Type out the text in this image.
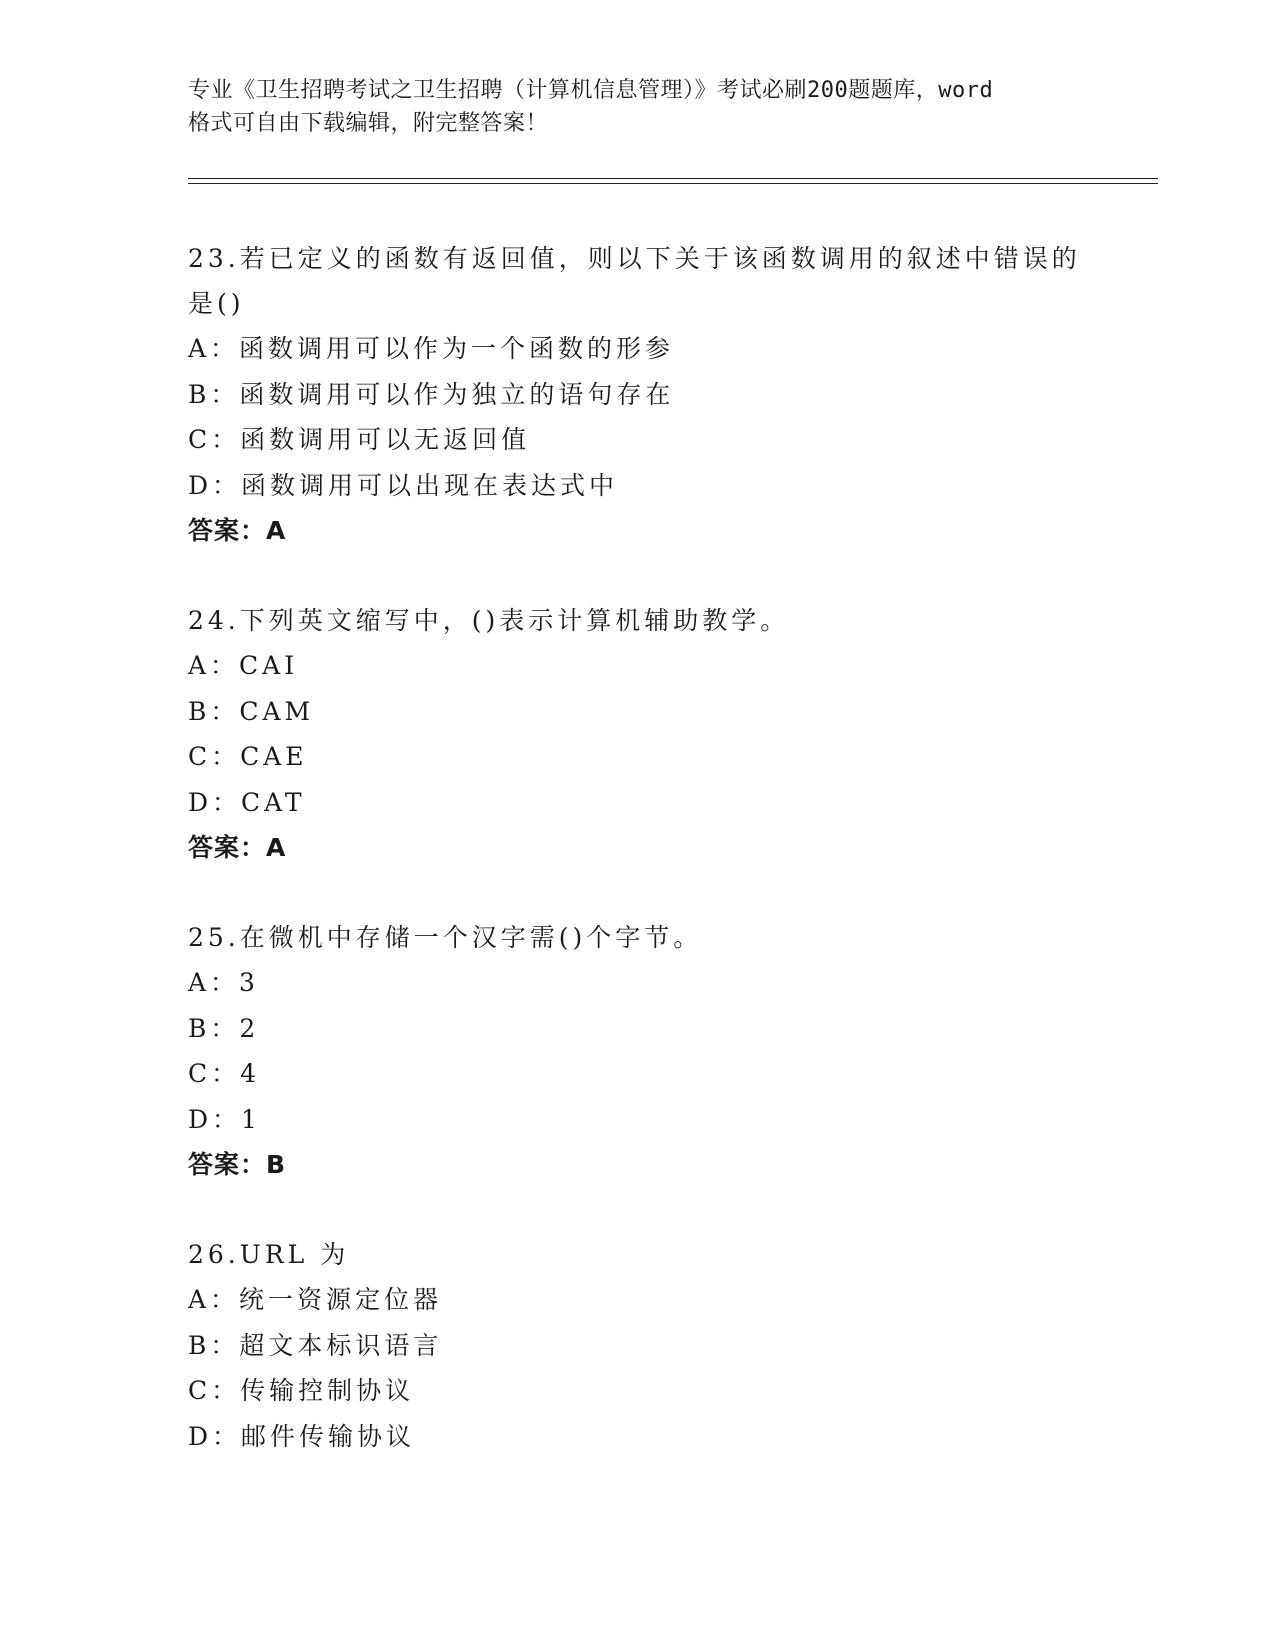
专业《卫生招聘考试之卫生招聘（计算机信息管理）》考试必刷200题题库，word
格式可自由下载编辑，附完整答案！
23.若已定义的函数有返回值，则以下关于该函数调用的叙述中错误的
是()
A：函数调用可以作为一个函数的形参
B：函数调用可以作为独立的语句存在
C：函数调用可以无返回值
D：函数调用可以出现在表达式中
答案：A
24.下列英文缩写中，()表示计算机辅助教学。
A：CAI
B：CAM
C：CAE
D：CAT
答案：A
25.在微机中存储一个汉字需()个字节。
A：3
B：2
C：4
D：1
答案：B
26.URL 为
A：统一资源定位器
B：超文本标识语言
C：传输控制协议
D：邮件传输协议
